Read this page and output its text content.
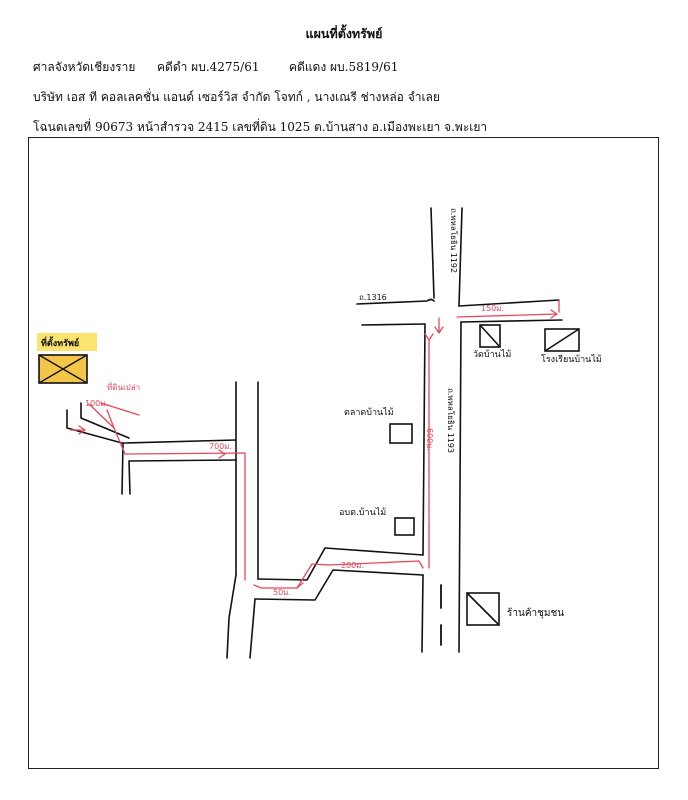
แผนที่ตั้งทรัพย์
ศาลจังหวัดเชียงราย คดีดำ ผบ.4275/61 คดีแดง ผบ.5819/61
บริษัท เอส ที คอลเลคชั่น แอนด์ เซอร์วิส จำกัด โจทก์ , นางเณรี ช่างหล่อ จำเลย
โฉนดเลขที่ 90673 หน้าสำรวจ 2415 เลขที่ดิน 1025 ต.บ้านสาง อ.เมืองพะเยา จ.พะเยา
ถ.พหลโยธิน 1192
ถ.1316
ถ.พหลโยธิน 1193
วัดบ้านไม้	โรงเรียนบ้านไม้
ตลาดบ้านไม้
อบต.บ้านไม้
ร้านค้าชุมชน
ที่ตั้งทรัพย์
150ม.
600ม.
200ม.
50ม.
700ม.
100ม.
ที่ดินเปล่า
